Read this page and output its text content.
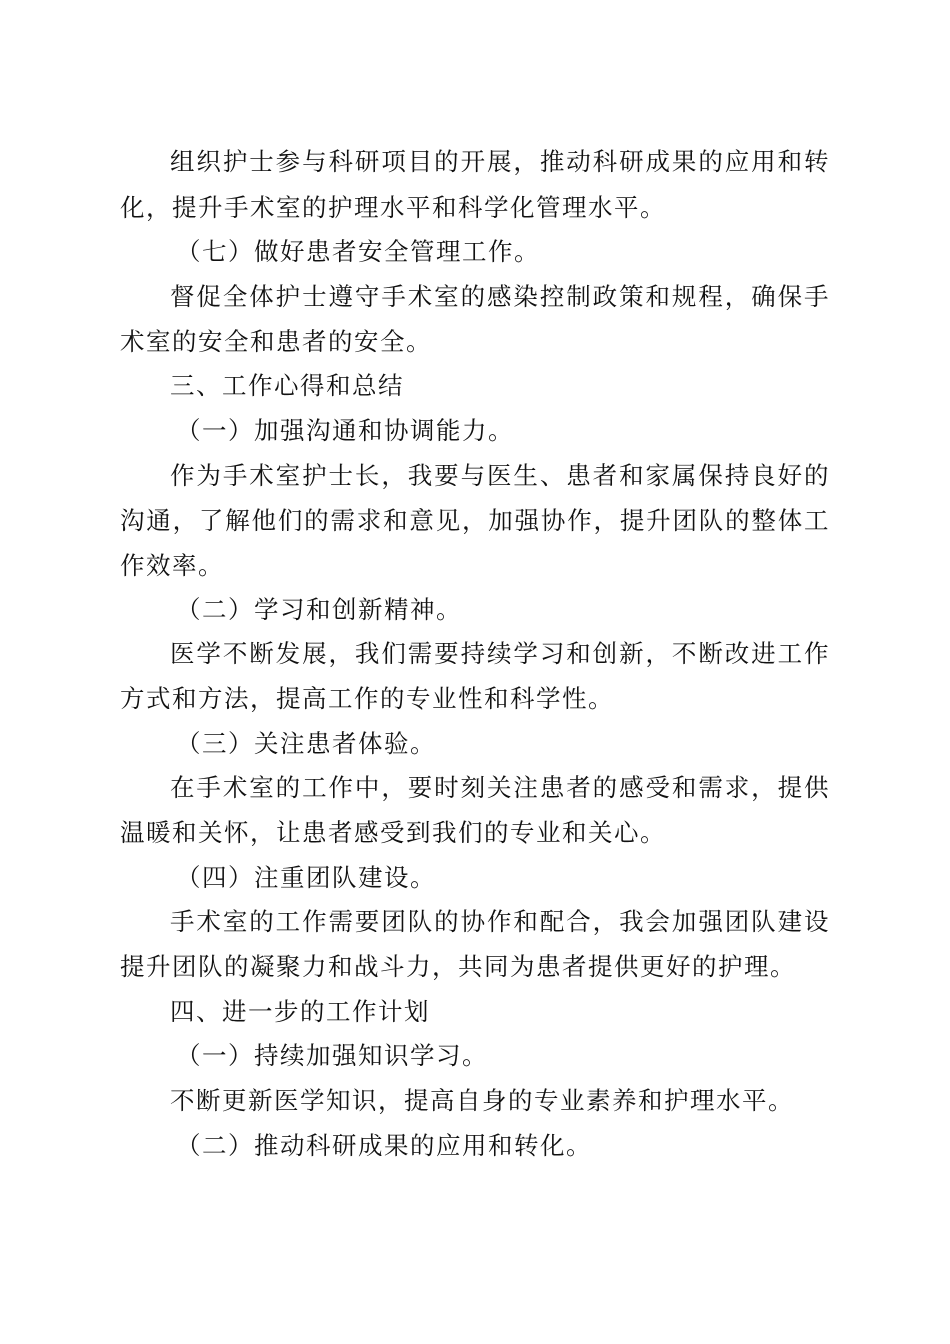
组织护士参与科研项目的开展，推动科研成果的应用和转
化，提升手术室的护理水平和科学化管理水平。
（七）做好患者安全管理工作。
督促全体护士遵守手术室的感染控制政策和规程，确保手
术室的安全和患者的安全。
三、工作心得和总结
（一）加强沟通和协调能力。
作为手术室护士长，我要与医生、患者和家属保持良好的
沟通，了解他们的需求和意见，加强协作，提升团队的整体工
作效率。
（二）学习和创新精神。
医学不断发展，我们需要持续学习和创新，不断改进工作
方式和方法，提高工作的专业性和科学性。
（三）关注患者体验。
在手术室的工作中，要时刻关注患者的感受和需求，提供
温暖和关怀，让患者感受到我们的专业和关心。
（四）注重团队建设。
手术室的工作需要团队的协作和配合，我会加强团队建设
提升团队的凝聚力和战斗力，共同为患者提供更好的护理。
四、进一步的工作计划
（一）持续加强知识学习。
不断更新医学知识，提高自身的专业素养和护理水平。
（二）推动科研成果的应用和转化。
